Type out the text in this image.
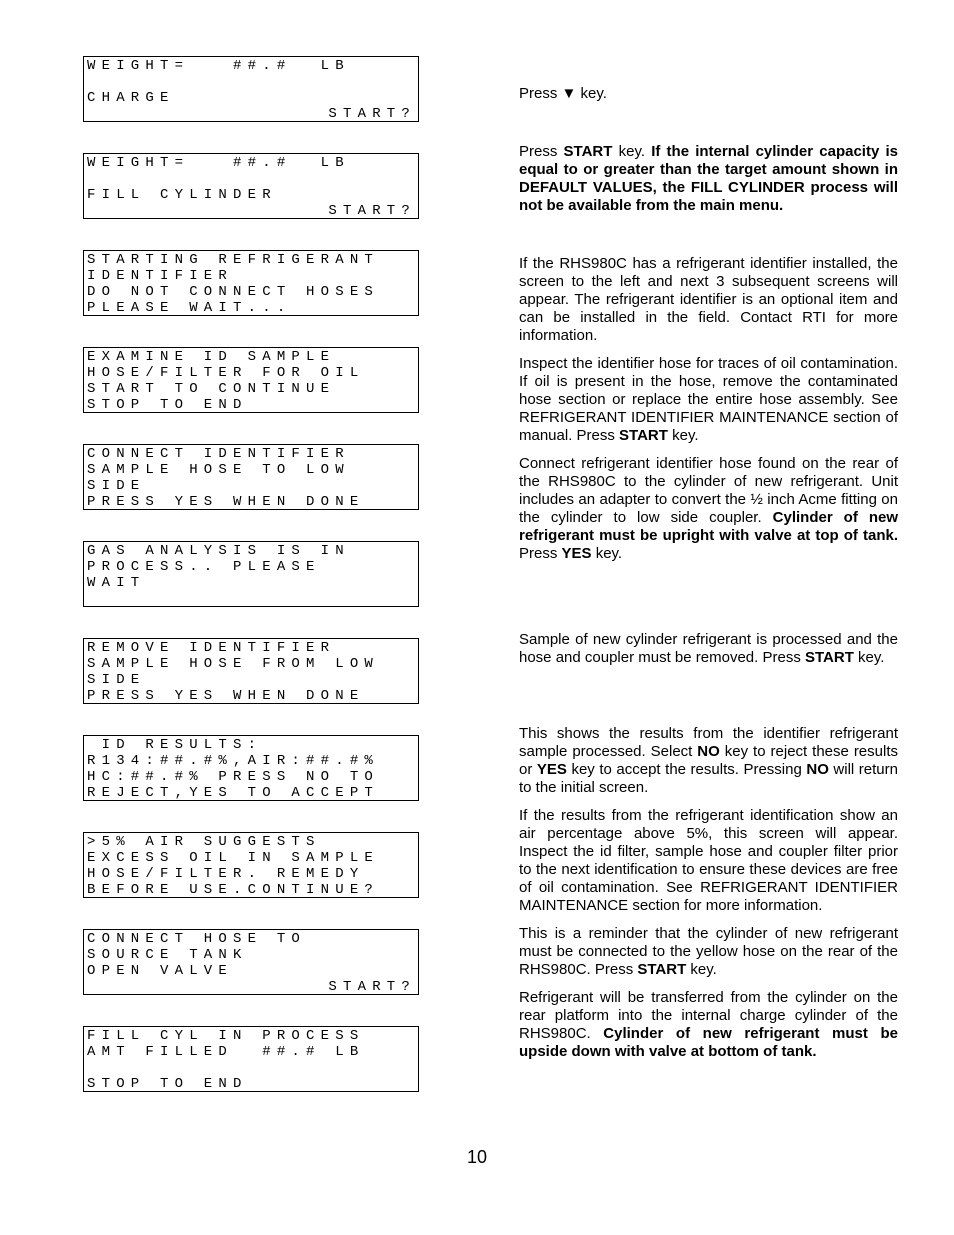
WEIGHT=   ##.#  LB
CHARGE
START?
WEIGHT=   ##.#  LB
FILL CYLINDER
START?
STARTING REFRIGERANT
IDENTIFIER
DO NOT CONNECT HOSES
PLEASE WAIT...
EXAMINE ID SAMPLE
HOSE/FILTER FOR OIL
START TO CONTINUE
STOP TO END
CONNECT IDENTIFIER
SAMPLE HOSE TO LOW
SIDE
PRESS YES WHEN DONE
GAS ANALYSIS IS IN
PROCESS.. PLEASE
WAIT
REMOVE IDENTIFIER
SAMPLE HOSE FROM LOW
SIDE
PRESS YES WHEN DONE
ID RESULTS:
R134:##.#%,AIR:##.#%
HC:##.#% PRESS NO TO
REJECT,YES TO ACCEPT
>5% AIR SUGGESTS
EXCESS OIL IN SAMPLE
HOSE/FILTER. REMEDY
BEFORE USE.CONTINUE?
CONNECT HOSE TO
SOURCE TANK
OPEN VALVE
START?
FILL CYL IN PROCESS
AMT FILLED  ##.# LB
STOP TO END

Press ▼ key.

Press START key. If the internal cylinder capacity is equal to or greater than the target amount shown in DEFAULT VALUES, the FILL CYLINDER process will not be available from the main menu.

If the RHS980C has a refrigerant identifier installed, the screen to the left and next 3 subsequent screens will appear. The refrigerant identifier is an optional item and can be installed in the field. Contact RTI for more information.

Inspect the identifier hose for traces of oil contamination. If oil is present in the hose, remove the contaminated hose section or replace the entire hose assembly. See REFRIGERANT IDENTIFIER MAINTENANCE section of manual. Press START key.

Connect refrigerant identifier hose found on the rear of the RHS980C to the cylinder of new refrigerant. Unit includes an adapter to convert the ½ inch Acme fitting on the cylinder to low side coupler. Cylinder of new refrigerant must be upright with valve at top of tank. Press YES key.

Sample of new cylinder refrigerant is processed and the hose and coupler must be removed. Press START key.

This shows the results from the identifier refrigerant sample processed. Select NO key to reject these results or YES key to accept the results. Pressing NO will return to the initial screen.

If the results from the refrigerant identification show an air percentage above 5%, this screen will appear. Inspect the id filter, sample hose and coupler filter prior to the next identification to ensure these devices are free of oil contamination. See REFRIGERANT IDENTIFIER MAINTENANCE section for more information.

This is a reminder that the cylinder of new refrigerant must be connected to the yellow hose on the rear of the RHS980C. Press START key.

Refrigerant will be transferred from the cylinder on the rear platform into the internal charge cylinder of the RHS980C. Cylinder of new refrigerant must be upside down with valve at bottom of tank.

10
